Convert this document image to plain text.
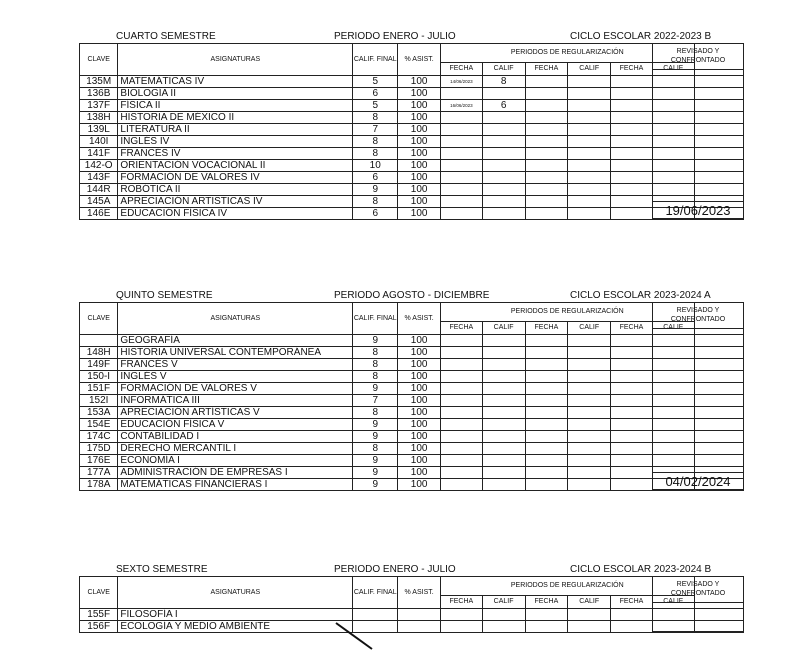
CUARTO SEMESTRE	PERIODO ENERO - JULIO	CICLO ESCOLAR 2022-2023 B
CLAVE	ASIGNATURAS	CALIF. FINAL	% ASIST.	PERIODOS DE REGULARIZACIÓN						
				FECHA	CALIF	FECHA	CALIF	FECHA	CALIF	
135M	MATEMÁTICAS IV	5	100	14/06/2023	8					
136B	BIOLOGÍA II	6	100							
137F	FÍSICA II	5	100	16/06/2023	6					
138H	HISTORIA DE MÉXICO II	8	100							
139L	LITERATURA II	7	100							
140I	INGLÉS IV	8	100							
141F	FRANCÉS IV	8	100							
142-O	ORIENTACIÓN VOCACIONAL II	10	100							
143F	FORMACIÓN DE VALORES IV	6	100							
144R	ROBÓTICA II	9	100							
145A	APRECIACIÓN ARTISTICAS IV	8	100							
146E	EDUCACIÓN FÍSICA IV	6	100							
REVISADO Y CONFRONTADO
19/06/2023
QUINTO SEMESTRE	PERIODO AGOSTO - DICIEMBRE	CICLO ESCOLAR 2023-2024 A
CLAVE	ASIGNATURAS	CALIF. FINAL	% ASIST.	PERIODOS DE REGULARIZACIÓN						
				FECHA	CALIF	FECHA	CALIF	FECHA	CALIF	
	GEOGRAFÍA	9	100							
148H	HISTORIA UNIVERSAL CONTEMPORÁNEA	8	100							
149F	FRANCÉS V	8	100							
150-I	INGLÉS V	8	100							
151F	FORMACIÓN DE VALORES V	9	100							
152I	INFORMÁTICA III	7	100							
153A	APRECIACIÓN ARTÍSTICAS V	8	100							
154E	EDUCACIÓN FÍSICA V	9	100							
174C	CONTABILIDAD I	9	100							
175D	DERECHO MERCANTIL I	8	100							
176E	ECONOMÍA I	9	100							
177A	ADMINISTRACIÓN DE EMPRESAS I	9	100							
178A	MATEMÁTICAS FINANCIERAS I	9	100							
REVISADO Y CONFRONTADO
04/02/2024
SEXTO SEMESTRE	PERIODO ENERO - JULIO	CICLO ESCOLAR 2023-2024 B
CLAVE	ASIGNATURAS	CALIF. FINAL	% ASIST.	PERIODOS DE REGULARIZACIÓN						
				FECHA	CALIF	FECHA	CALIF	FECHA	CALIF	
155F	FILOSOFÍA I									
156F	ECOLOGÍA Y MEDIO AMBIENTE									
REVISADO Y CONFRONTADO
